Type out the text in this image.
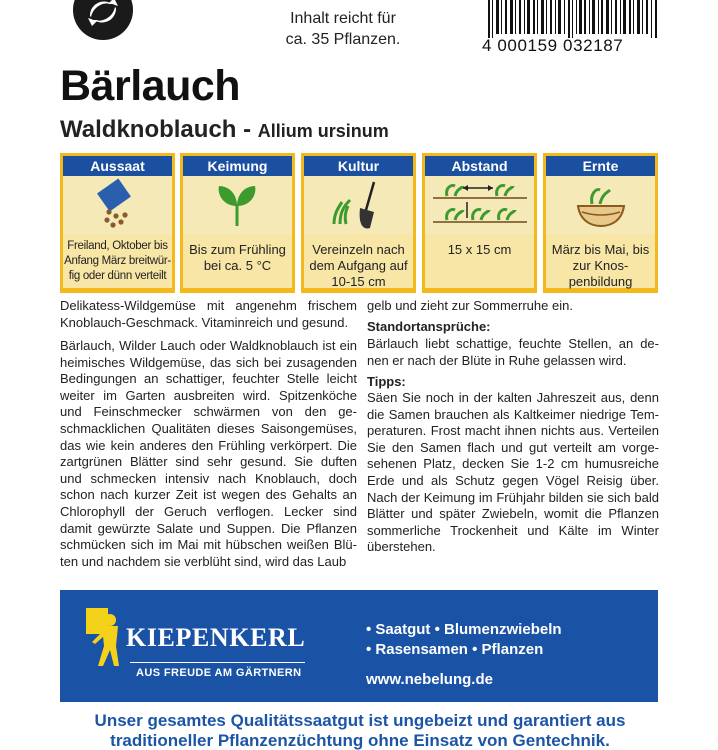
Inhalt reicht für
ca. 35 Pflanzen.	4 000159 032187
Bärlauch
Waldknoblauch - Allium ursinum
Aussaat
Freiland, Oktober bis Anfang März breitwür-fig oder dünn verteilt
Keimung
Bis zum Frühling bei ca. 5 °C
Kultur
Vereinzeln nach dem Aufgang auf 10-15 cm
Abstand
15 x 15 cm
Ernte
März bis Mai, bis zur Knos-penbildung
Delikatess-Wildgemüse mit angenehm frischem Knoblauch-Geschmack. Vitaminreich und gesund.
Bärlauch, Wilder Lauch oder Waldknoblauch ist ein heimisches Wildgemüse, das sich bei zusagenden Bedingungen an schattiger, feuchter Stelle leicht weiter im Garten ausbreiten wird. Spitzenköche und Feinschmecker schwärmen von den ge-schmacklichen Qualitäten dieses Saisongemüses, das wie kein anderes den Frühling verkörpert. Die zartgrünen Blätter sind sehr gesund. Sie duften und schmecken intensiv nach Knoblauch, doch schon nach kurzer Zeit ist wegen des Gehalts an Chlorophyll der Geruch verflogen. Lecker sind damit gewürzte Salate und Suppen. Die Pflanzen schmücken sich im Mai mit hübschen weißen Blü-ten und nachdem sie verblüht sind, wird das Laub
gelb und zieht zur Sommerruhe ein.
Standortansprüche:
Bärlauch liebt schattige, feuchte Stellen, an de-nen er nach der Blüte in Ruhe gelassen wird.
Tipps:
Säen Sie noch in der kalten Jahreszeit aus, denn die Samen brauchen als Kaltkeimer niedrige Tem-peraturen. Frost macht ihnen nichts aus. Verteilen Sie den Samen flach und gut verteilt am vorge-sehenen Platz, decken Sie 1-2 cm humusreiche Erde und als Schutz gegen Vögel Reisig über. Nach der Keimung im Frühjahr bilden sie sich bald Blätter und später Zwiebeln, womit die Pflanzen sommerliche Trockenheit und Kälte im Winter überstehen.
KIEPENKERL
AUS FREUDE AM GÄRTNERN
• Saatgut • Blumenzwiebeln
• Rasensamen • Pflanzen
www.nebelung.de
Unser gesamtes Qualitätssaatgut ist ungebeizt und garantiert aus
traditioneller Pflanzenzüchtung ohne Einsatz von Gentechnik.
